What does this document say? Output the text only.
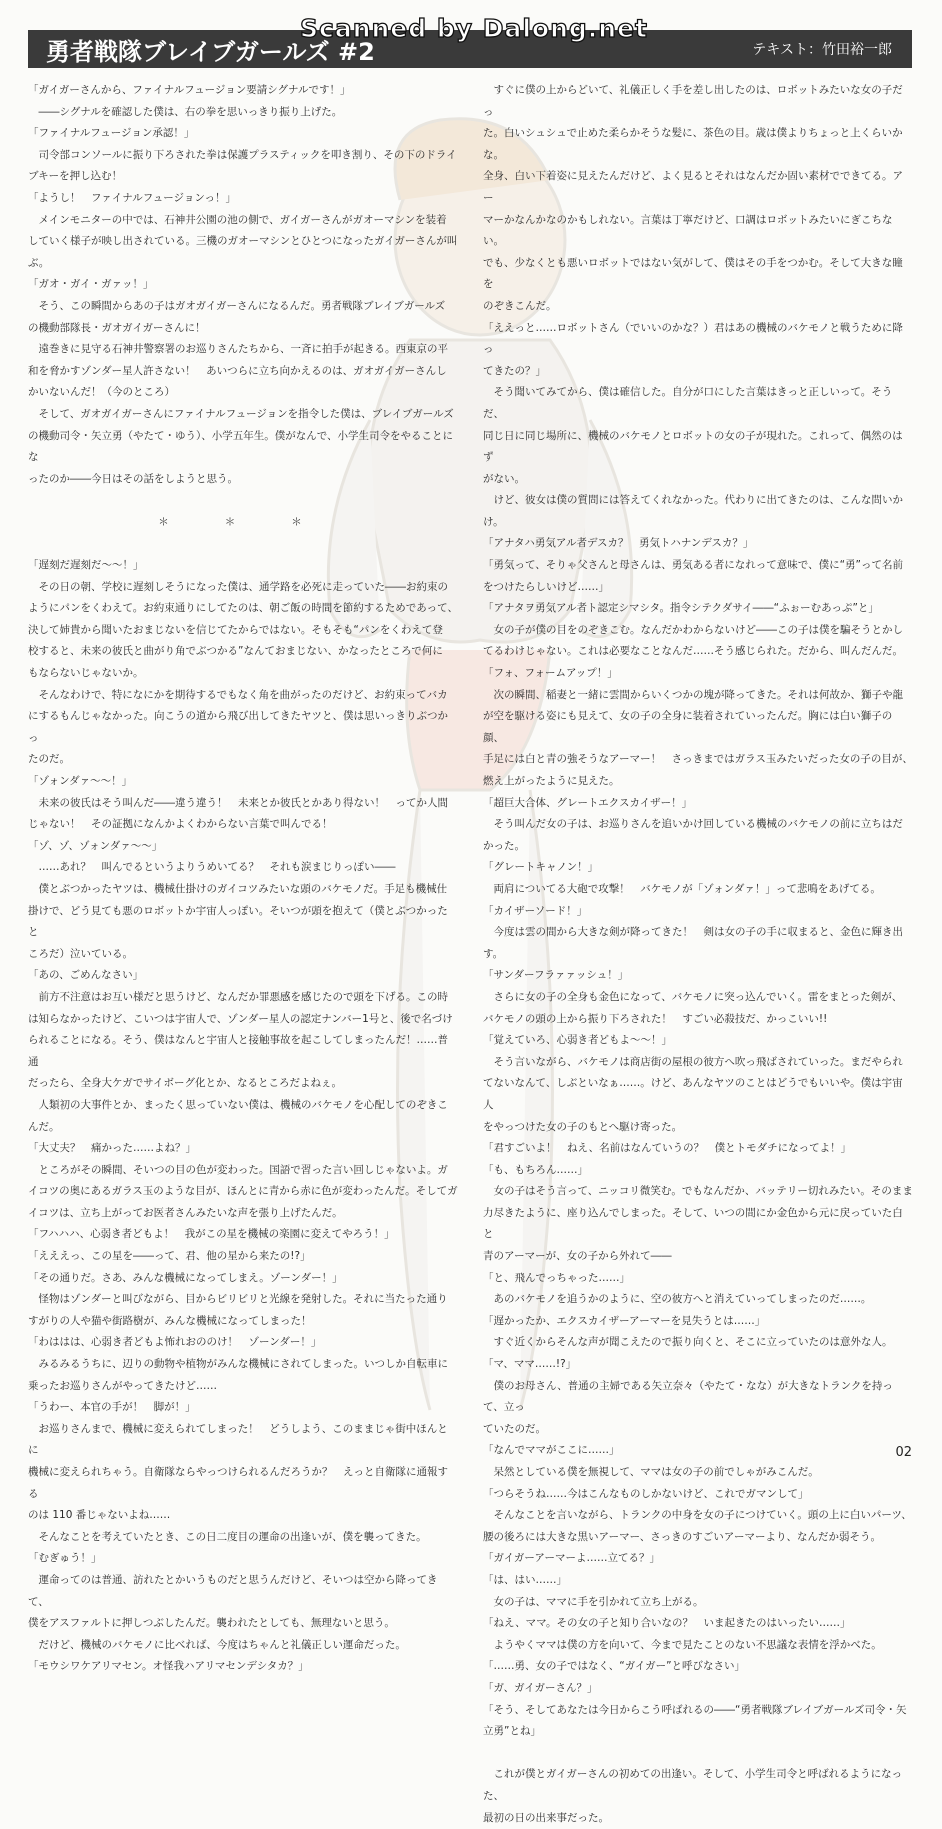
Scanned by Dalong.net
勇者戦隊ブレイブガールズ #2	テキスト：竹田裕一郎

「ガイガーさんから、ファイナルフュージョン要請シグナルです！」

　――シグナルを確認した僕は、右の拳を思いっきり振り上げた。

「ファイナルフュージョン承認！」

　司令部コンソールに振り下ろされた拳は保護プラスティックを叩き割り、その下のドライ

ブキーを押し込む！

「ようし！　ファイナルフュージョンっ！」

　メインモニターの中では、石神井公園の池の側で、ガイガーさんがガオーマシンを装着

していく様子が映し出されている。三機のガオーマシンとひとつになったガイガーさんが叫

ぶ。

「ガオ・ガイ・ガァッ！」

　そう、この瞬間からあの子はガオガイガーさんになるんだ。勇者戦隊ブレイブガールズ

の機動部隊長・ガオガイガーさんに！

　遠巻きに見守る石神井警察署のお巡りさんたちから、一斉に拍手が起きる。西東京の平

和を脅かすゾンダー星人許さない！　あいつらに立ち向かえるのは、ガオガイガーさんし

かいないんだ！（今のところ）

　そして、ガオガイガーさんにファイナルフュージョンを指令した僕は、ブレイブガールズ

の機動司令・矢立勇（やたて・ゆう）、小学五年生。僕がなんで、小学生司令をやることにな

ったのか――今日はその話をしようと思う。

＊＊＊

「遅刻だ遅刻だ～～！」

　その日の朝、学校に遅刻しそうになった僕は、通学路を必死に走っていた――お約束の

ようにパンをくわえて。お約束通りにしてたのは、朝ご飯の時間を節約するためであって、

決して姉貴から聞いたおまじないを信じてたからではない。そもそも“パンをくわえて登

校すると、未来の彼氏と曲がり角でぶつかる”なんておまじない、かなったところで何に

もならないじゃないか。

　そんなわけで、特になにかを期待するでもなく角を曲がったのだけど、お約束ってバカ

にするもんじゃなかった。向こうの道から飛び出してきたヤツと、僕は思いっきりぶつかっ

たのだ。

「ゾォンダァ～～！」

　未来の彼氏はそう叫んだ――違う違う！　未来とか彼氏とかあり得ない！　ってか人間

じゃない！　その証拠になんかよくわからない言葉で叫んでる！

「ゾ、ゾ、ゾォンダァ～～」

　……あれ？　叫んでるというよりうめいてる？　それも涙まじりっぽい――

　僕とぶつかったヤツは、機械仕掛けのガイコツみたいな頭のバケモノだ。手足も機械仕

掛けで、どう見ても悪のロボットか宇宙人っぽい。そいつが頭を抱えて（僕とぶつかったと

ころだ）泣いている。

「あの、ごめんなさい」

　前方不注意はお互い様だと思うけど、なんだか罪悪感を感じたので頭を下げる。この時

は知らなかったけど、こいつは宇宙人で、ゾンダー星人の認定ナンバー1号と、後で名づけ

られることになる。そう、僕はなんと宇宙人と接触事故を起こしてしまったんだ！……普通

だったら、全身大ケガでサイボーグ化とか、なるところだよねぇ。

　人類初の大事件とか、まったく思っていない僕は、機械のバケモノを心配してのぞきこ

んだ。

「大丈夫？　痛かった……よね？」

　ところがその瞬間、そいつの目の色が変わった。国語で習った言い回しじゃないよ。ガ

イコツの奥にあるガラス玉のような目が、ほんとに青から赤に色が変わったんだ。そしてガ

イコツは、立ち上がってお医者さんみたいな声を張り上げたんだ。

「フハハハ、心弱き者どもよ！　我がこの星を機械の楽園に変えてやろう！」

「えええっ、この星を――って、君、他の星から来たの!?」

「その通りだ。さあ、みんな機械になってしまえ。ゾーンダー！」

　怪物はゾンダーと叫びながら、目からビリビリと光線を発射した。それに当たった通り

すがりの人や猫や街路樹が、みんな機械になってしまった！

「わははは、心弱き者どもよ怖れおののけ！　ゾーンダー！」

　みるみるうちに、辺りの動物や植物がみんな機械にされてしまった。いつしか自転車に

乗ったお巡りさんがやってきたけど……

「うわー、本官の手が！　脚が！」

　お巡りさんまで、機械に変えられてしまった！　どうしよう、このままじゃ街中ほんとに

機械に変えられちゃう。自衛隊ならやっつけられるんだろうか？　えっと自衛隊に通報する

のは 110 番じゃないよね……

　そんなことを考えていたとき、この日二度目の運命の出逢いが、僕を襲ってきた。

「むぎゅう！」

　運命ってのは普通、訪れたとかいうものだと思うんだけど、そいつは空から降ってきて、

僕をアスファルトに押しつぶしたんだ。襲われたとしても、無理ないと思う。

　だけど、機械のバケモノに比べれば、今度はちゃんと礼儀正しい運命だった。

「モウシワケアリマセン。オ怪我ハアリマセンデシタカ？」

　すぐに僕の上からどいて、礼儀正しく手を差し出したのは、ロボットみたいな女の子だっ

た。白いシュシュで止めた柔らかそうな髪に、茶色の目。歳は僕よりちょっと上くらいかな。

全身、白い下着姿に見えたんだけど、よく見るとそれはなんだか固い素材でできてる。アー

マーかなんかなのかもしれない。言葉は丁寧だけど、口調はロボットみたいにぎこちない。

でも、少なくとも悪いロボットではない気がして、僕はその手をつかむ。そして大きな瞳を

のぞきこんだ。

「ええっと……ロボットさん（でいいのかな？）君はあの機械のバケモノと戦うために降っ

てきたの？」

　そう聞いてみてから、僕は確信した。自分が口にした言葉はきっと正しいって。そうだ、

同じ日に同じ場所に、機械のバケモノとロボットの女の子が現れた。これって、偶然のはず

がない。

　けど、彼女は僕の質問には答えてくれなかった。代わりに出てきたのは、こんな問いかけ。

「アナタハ勇気アル者デスカ？　勇気トハナンデスカ？」

「勇気って、そりゃ父さんと母さんは、勇気ある者になれって意味で、僕に“勇”って名前

をつけたらしいけど……」

「アナタヲ勇気アル者ト認定シマシタ。指令シテクダサイ――“ふぉーむあっぷ”と」

　女の子が僕の目をのぞきこむ。なんだかわからないけど――この子は僕を騙そうとかし

てるわけじゃない。これは必要なことなんだ……そう感じられた。だから、叫んだんだ。

「フォ、フォームアップ！」

　次の瞬間、稲妻と一緒に雲間からいくつかの塊が降ってきた。それは何故か、獅子や龍

が空を駆ける姿にも見えて、女の子の全身に装着されていったんだ。胸には白い獅子の顔、

手足には白と青の強そうなアーマー！　さっきまではガラス玉みたいだった女の子の目が、

燃え上がったように見えた。

「超巨大合体、グレートエクスカイザー！」

　そう叫んだ女の子は、お巡りさんを追いかけ回している機械のバケモノの前に立ちはだ

かった。

「グレートキャノン！」

　両肩についてる大砲で攻撃！　バケモノが「ゾォンダァ！」って悲鳴をあげてる。

「カイザーソード！」

　今度は雲の間から大きな剣が降ってきた！　剣は女の子の手に収まると、金色に輝き出す。

「サンダーフラァァッシュ！」

　さらに女の子の全身も金色になって、バケモノに突っ込んでいく。雷をまとった剣が、

バケモノの頭の上から振り下ろされた！　すごい必殺技だ、かっこいい!!

「覚えていろ、心弱き者どもよ～～！」

　そう言いながら、バケモノは商店街の屋根の彼方へ吹っ飛ばされていった。まだやられ

てないなんて、しぶといなぁ……。けど、あんなヤツのことはどうでもいいや。僕は宇宙人

をやっつけた女の子のもとへ駆け寄った。

「君すごいよ！　ねえ、名前はなんていうの？　僕とトモダチになってよ！」

「も、もちろん……」

　女の子はそう言って、ニッコリ微笑む。でもなんだか、バッテリー切れみたい。そのまま

力尽きたように、座り込んでしまった。そして、いつの間にか金色から元に戻っていた白と

青のアーマーが、女の子から外れて――

「と、飛んでっちゃった……」

　あのバケモノを追うかのように、空の彼方へと消えていってしまったのだ……。

「遅かったか、エクスカイザーアーマーを見失うとは……」

　すぐ近くからそんな声が聞こえたので振り向くと、そこに立っていたのは意外な人。

「マ、ママ……!?」

　僕のお母さん、普通の主婦である矢立奈々（やたて・なな）が大きなトランクを持って、立っ

ていたのだ。

「なんでママがここに……」

　呆然としている僕を無視して、ママは女の子の前でしゃがみこんだ。

「つらそうね……今はこんなものしかないけど、これでガマンして」

　そんなことを言いながら、トランクの中身を女の子につけていく。頭の上に白いパーツ、

腰の後ろには大きな黒いアーマー、さっきのすごいアーマーより、なんだか弱そう。

「ガイガーアーマーよ……立てる？」

「は、はい……」

　女の子は、ママに手を引かれて立ち上がる。

「ねえ、ママ。その女の子と知り合いなの？　いま起きたのはいったい……」

　ようやくママは僕の方を向いて、今まで見たことのない不思議な表情を浮かべた。

「……勇、女の子ではなく、“ガイガー”と呼びなさい」

「ガ、ガイガーさん？」

「そう、そしてあなたは今日からこう呼ばれるの――“勇者戦隊ブレイブガールズ司令・矢

立勇”とね」

　これが僕とガイガーさんの初めての出逢い。そして、小学生司令と呼ばれるようになった、

最初の日の出来事だった。

02
